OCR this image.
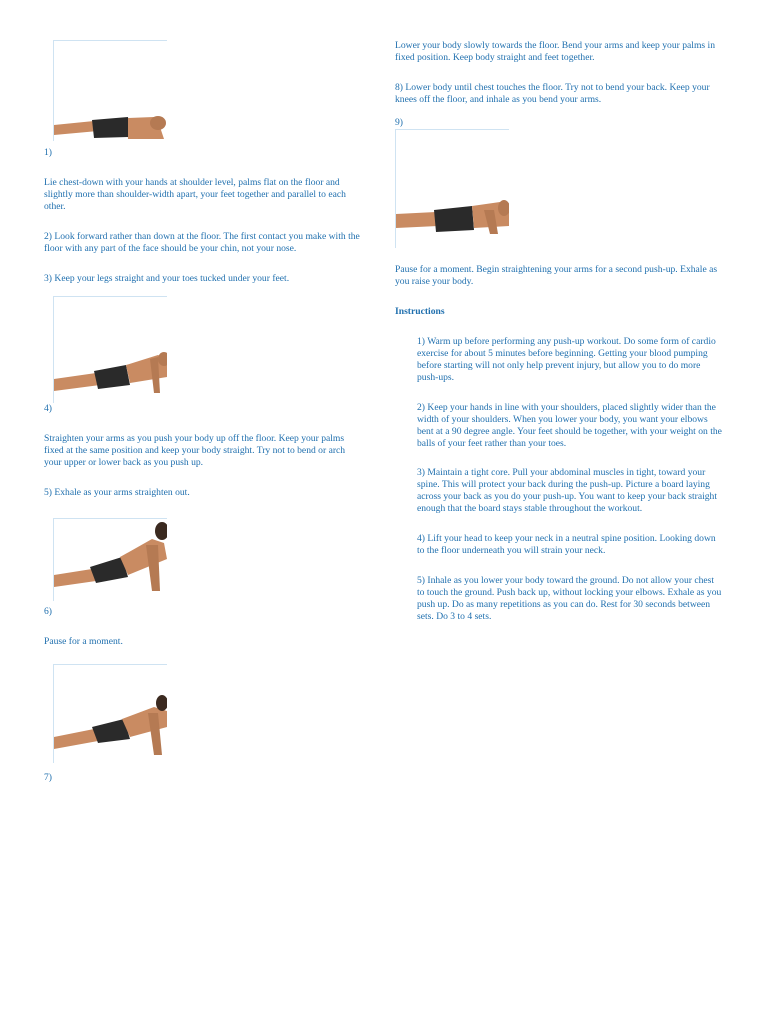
1)

Lie chest-down with your hands at shoulder level, palms flat on the floor and slightly more than shoulder-width apart, your feet together and parallel to each other.

2) Look forward rather than down at the floor. The first contact you make with the floor with any part of the face should be your chin, not your nose.

3) Keep your legs straight and your toes tucked under your feet.

4)

Straighten your arms as you push your body up off the floor. Keep your palms fixed at the same position and keep your body straight. Try not to bend or arch your upper or lower back as you push up.

5) Exhale as your arms straighten out.

6)

Pause for a moment.

7)

Lower your body slowly towards the floor. Bend your arms and keep your palms in fixed position. Keep body straight and feet together.

8) Lower body until chest touches the floor. Try not to bend your back. Keep your knees off the floor, and inhale as you bend your arms.

9)

Pause for a moment. Begin straightening your arms for a second push-up. Exhale as you raise your body.

Instructions

1) Warm up before performing any push-up workout. Do some form of cardio exercise for about 5 minutes before beginning. Getting your blood pumping before starting will not only help prevent injury, but allow you to do more push-ups.

2) Keep your hands in line with your shoulders, placed slightly wider than the width of your shoulders. When you lower your body, you want your elbows bent at a 90 degree angle. Your feet should be together, with your weight on the balls of your feet rather than your toes.

3) Maintain a tight core. Pull your abdominal muscles in tight, toward your spine. This will protect your back during the push-up. Picture a board laying across your back as you do your push-up. You want to keep your back straight enough that the board stays stable throughout the workout.

4) Lift your head to keep your neck in a neutral spine position. Looking down to the floor underneath you will strain your neck.

5) Inhale as you lower your body toward the ground. Do not allow your chest to touch the ground. Push back up, without locking your elbows. Exhale as you push up. Do as many repetitions as you can do. Rest for 30 seconds between sets. Do 3 to 4 sets.
